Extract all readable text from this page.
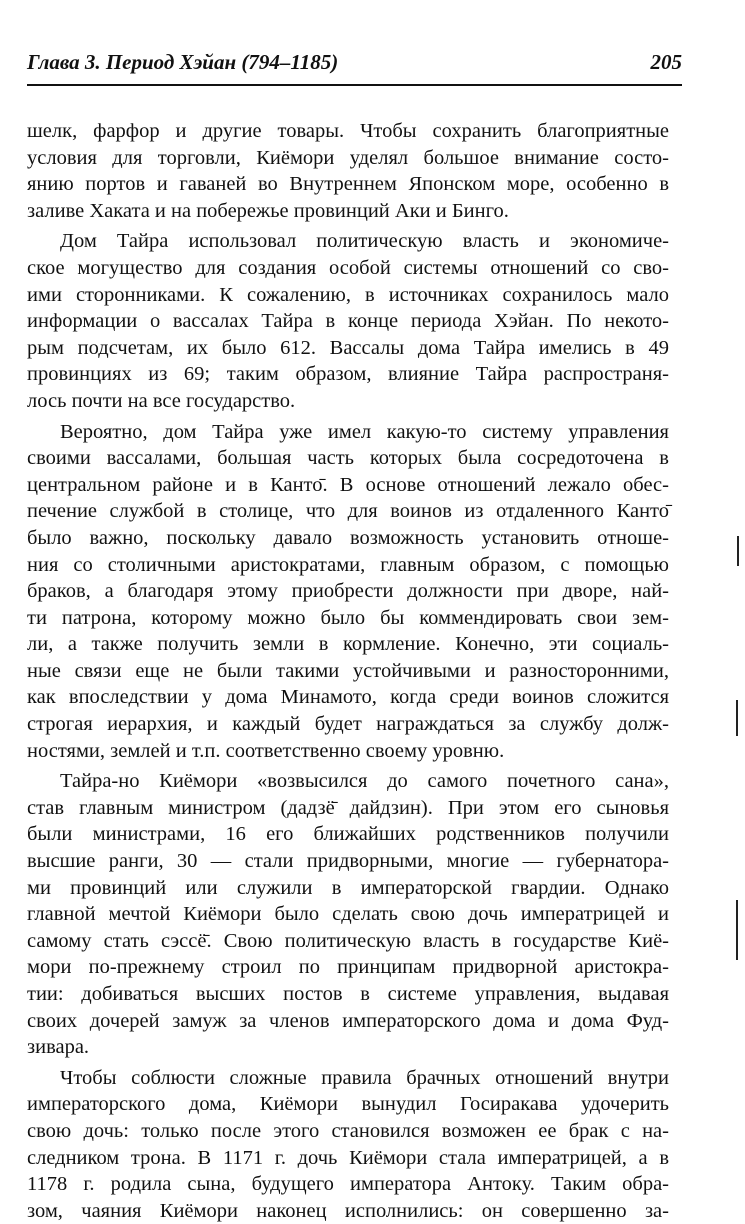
Глава 3. Период Хэйан (794–1185)	205
шелк, фарфор и другие товары. Чтобы сохранить благоприятные
условия для торговли, Киёмори уделял большое внимание состо-
янию портов и гаваней во Внутреннем Японском море, особенно в
заливе Хаката и на побережье провинций Аки и Бинго.
Дом Тайра использовал политическую власть и экономиче-
ское могущество для создания особой системы отношений со сво-
ими сторонниками. К сожалению, в источниках сохранилось мало
информации о вассалах Тайра в конце периода Хэйан. По некото-
рым подсчетам, их было 612. Вассалы дома Тайра имелись в 49
провинциях из 69; таким образом, влияние Тайра распространя-
лось почти на все государство.
Вероятно, дом Тайра уже имел какую-то систему управления
своими вассалами, большая часть которых была сосредоточена в
центральном районе и в Канто̄. В основе отношений лежало обес-
печение службой в столице, что для воинов из отдаленного Канто̄
было важно, поскольку давало возможность установить отноше-
ния со столичными аристократами, главным образом, с помощью
браков, а благодаря этому приобрести должности при дворе, най-
ти патрона, которому можно было бы коммендировать свои зем-
ли, а также получить земли в кормление. Конечно, эти социаль-
ные связи еще не были такими устойчивыми и разносторонними,
как впоследствии у дома Минамото, когда среди воинов сложится
строгая иерархия, и каждый будет награждаться за службу долж-
ностями, землей и т.п. соответственно своему уровню.
Тайра-но Киёмори «возвысился до самого почетного сана»,
став главным министром (дадзё̄ дайдзин). При этом его сыновья
были министрами, 16 его ближайших родственников получили
высшие ранги, 30 — стали придворными, многие — губернатора-
ми провинций или служили в императорской гвардии. Однако
главной мечтой Киёмори было сделать свою дочь императрицей и
самому стать сэссё̄. Свою политическую власть в государстве Киё-
мори по-прежнему строил по принципам придворной аристокра-
тии: добиваться высших постов в системе управления, выдавая
своих дочерей замуж за членов императорского дома и дома Фуд-
зивара.
Чтобы соблюсти сложные правила брачных отношений внутри
императорского дома, Киёмори вынудил Госиракава удочерить
свою дочь: только после этого становился возможен ее брак с на-
следником трона. В 1171 г. дочь Киёмори стала императрицей, а в
1178 г. родила сына, будущего императора Антоку. Таким обра-
зом, чаяния Киёмори наконец исполнились: он совершенно за-
